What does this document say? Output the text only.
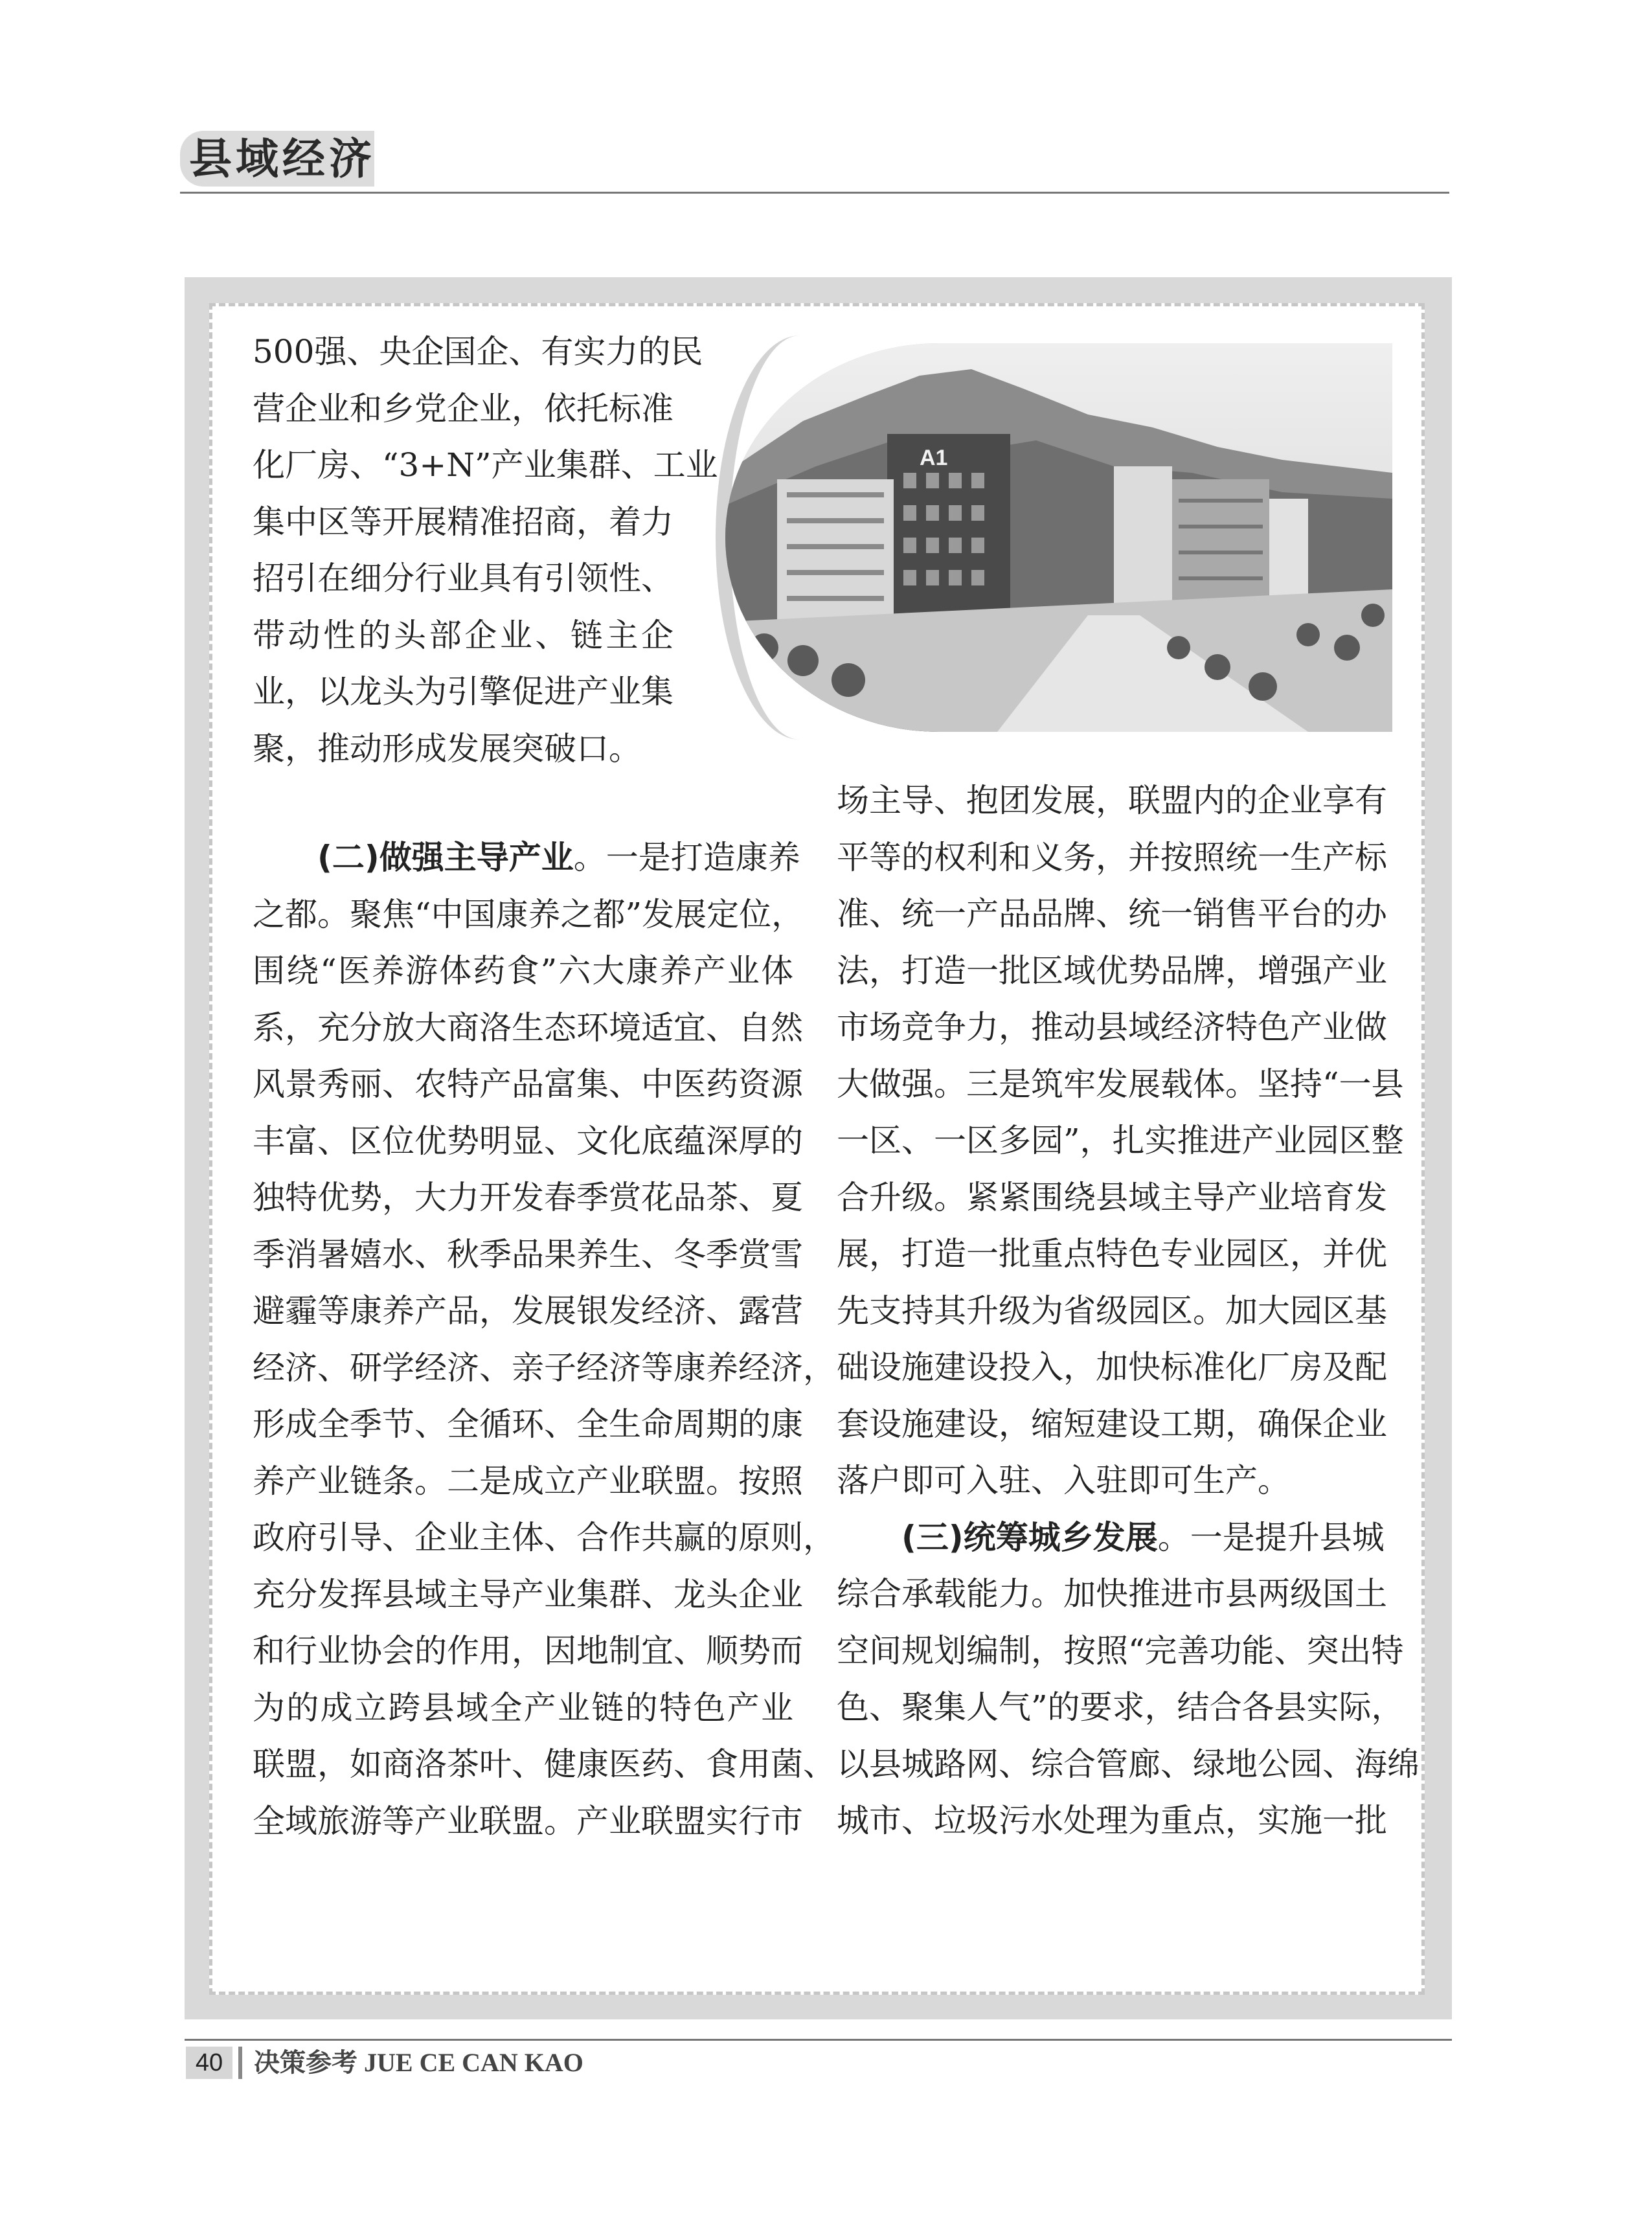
县域经济
A1
500强、央企国企、有实力的民
营企业和乡党企业，依托标准
化厂房、“3+N”产业集群、工业
集中区等开展精准招商，着力
招引在细分行业具有引领性、
带动性的头部企业、链主企
业，以龙头为引擎促进产业集
聚，推动形成发展突破口。
(二)做强主导产业。一是打造康养
之都。聚焦“中国康养之都”发展定位，
围绕“医养游体药食”六大康养产业体
系，充分放大商洛生态环境适宜、自然
风景秀丽、农特产品富集、中医药资源
丰富、区位优势明显、文化底蕴深厚的
独特优势，大力开发春季赏花品茶、夏
季消暑嬉水、秋季品果养生、冬季赏雪
避霾等康养产品，发展银发经济、露营
经济、研学经济、亲子经济等康养经济，
形成全季节、全循环、全生命周期的康
养产业链条。二是成立产业联盟。按照
政府引导、企业主体、合作共赢的原则，
充分发挥县域主导产业集群、龙头企业
和行业协会的作用，因地制宜、顺势而
为的成立跨县域全产业链的特色产业
联盟，如商洛茶叶、健康医药、食用菌、
全域旅游等产业联盟。产业联盟实行市
场主导、抱团发展，联盟内的企业享有
平等的权利和义务，并按照统一生产标
准、统一产品品牌、统一销售平台的办
法，打造一批区域优势品牌，增强产业
市场竞争力，推动县域经济特色产业做
大做强。三是筑牢发展载体。坚持“一县
一区、一区多园”，扎实推进产业园区整
合升级。紧紧围绕县域主导产业培育发
展，打造一批重点特色专业园区，并优
先支持其升级为省级园区。加大园区基
础设施建设投入，加快标准化厂房及配
套设施建设，缩短建设工期，确保企业
落户即可入驻、入驻即可生产。
(三)统筹城乡发展。一是提升县城
综合承载能力。加快推进市县两级国土
空间规划编制，按照“完善功能、突出特
色、聚集人气”的要求，结合各县实际，
以县城路网、综合管廊、绿地公园、海绵
城市、垃圾污水处理为重点，实施一批
40	决策参考 JUE CE CAN KAO
